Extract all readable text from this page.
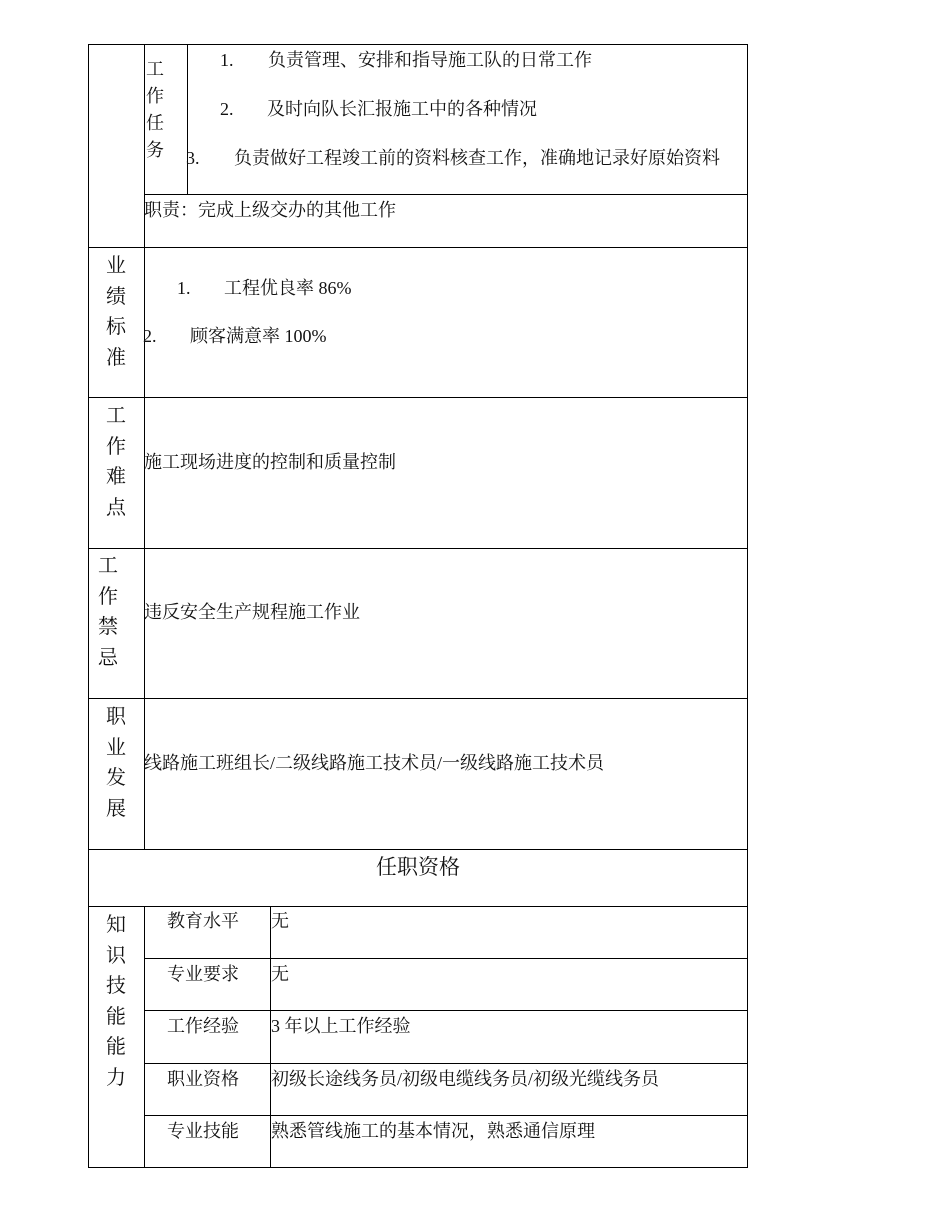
工作任务
1. 负责管理、安排和指导施工队的日常工作
2. 及时向队长汇报施工中的各种情况
3. 负责做好工程竣工前的资料核查工作，准确地记录好原始资料
职责：完成上级交办的其他工作
业绩标准
1. 工程优良率 86%
2. 顾客满意率 100%
工作难点
施工现场进度的控制和质量控制
工作禁忌
违反安全生产规程施工作业
职业发展
线路施工班组长/二级线路施工技术员/一级线路施工技术员
任职资格
知识技能能力
教育水平 无
专业要求 无
工作经验 3 年以上工作经验
职业资格 初级长途线务员/初级电缆线务员/初级光缆线务员
专业技能 熟悉管线施工的基本情况，熟悉通信原理
